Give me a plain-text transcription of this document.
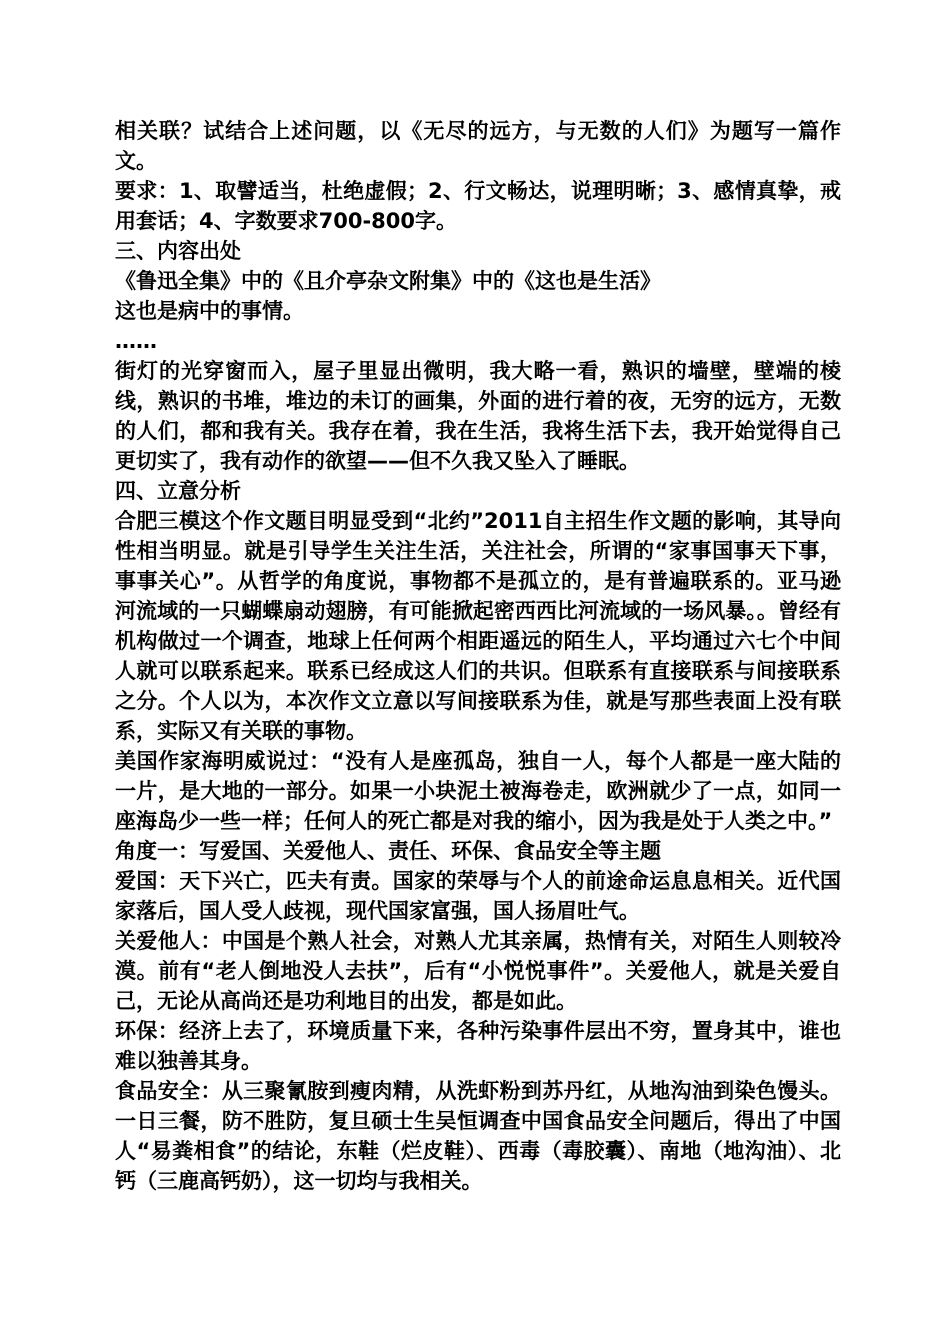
相关联？试结合上述问题，以《无尽的远方，与无数的人们》为题写一篇作文。

要求：1、取譬适当，杜绝虚假；2、行文畅达，说理明晰；3、感情真挚，戒用套话；4、字数要求700-800字。

三、内容出处

《鲁迅全集》中的《且介亭杂文附集》中的《这也是生活》

这也是病中的事情。

……

街灯的光穿窗而入，屋子里显出微明，我大略一看，熟识的墙壁，壁端的棱线，熟识的书堆，堆边的未订的画集，外面的进行着的夜，无穷的远方，无数的人们，都和我有关。我存在着，我在生活，我将生活下去，我开始觉得自己更切实了，我有动作的欲望——但不久我又坠入了睡眠。

四、立意分析

合肥三模这个作文题目明显受到“北约”2011自主招生作文题的影响，其导向性相当明显。就是引导学生关注生活，关注社会，所谓的“家事国事天下事，事事关心”。从哲学的角度说，事物都不是孤立的，是有普遍联系的。亚马逊河流域的一只蝴蝶扇动翅膀，有可能掀起密西西比河流域的一场风暴。。曾经有机构做过一个调查，地球上任何两个相距遥远的陌生人，平均通过六七个中间人就可以联系起来。联系已经成这人们的共识。但联系有直接联系与间接联系之分。个人以为，本次作文立意以写间接联系为佳，就是写那些表面上没有联系，实际又有关联的事物。

美国作家海明威说过：“没有人是座孤岛，独自一人，每个人都是一座大陆的一片，是大地的一部分。如果一小块泥土被海卷走，欧洲就少了一点，如同一座海岛少一些一样；任何人的死亡都是对我的缩小，因为我是处于人类之中。”

角度一：写爱国、关爱他人、责任、环保、食品安全等主题

爱国：天下兴亡，匹夫有责。国家的荣辱与个人的前途命运息息相关。近代国家落后，国人受人歧视，现代国家富强，国人扬眉吐气。

关爱他人：中国是个熟人社会，对熟人尤其亲属，热情有关，对陌生人则较冷漠。前有“老人倒地没人去扶”，后有“小悦悦事件”。关爱他人，就是关爱自己，无论从高尚还是功利地目的出发，都是如此。

环保：经济上去了，环境质量下来，各种污染事件层出不穷，置身其中，谁也难以独善其身。

食品安全：从三聚氰胺到瘦肉精，从洗虾粉到苏丹红，从地沟油到染色馒头。一日三餐，防不胜防，复旦硕士生吴恒调查中国食品安全问题后，得出了中国人“易粪相食”的结论，东鞋（烂皮鞋）、西毒（毒胶囊）、南地（地沟油）、北钙（三鹿高钙奶），这一切均与我相关。
